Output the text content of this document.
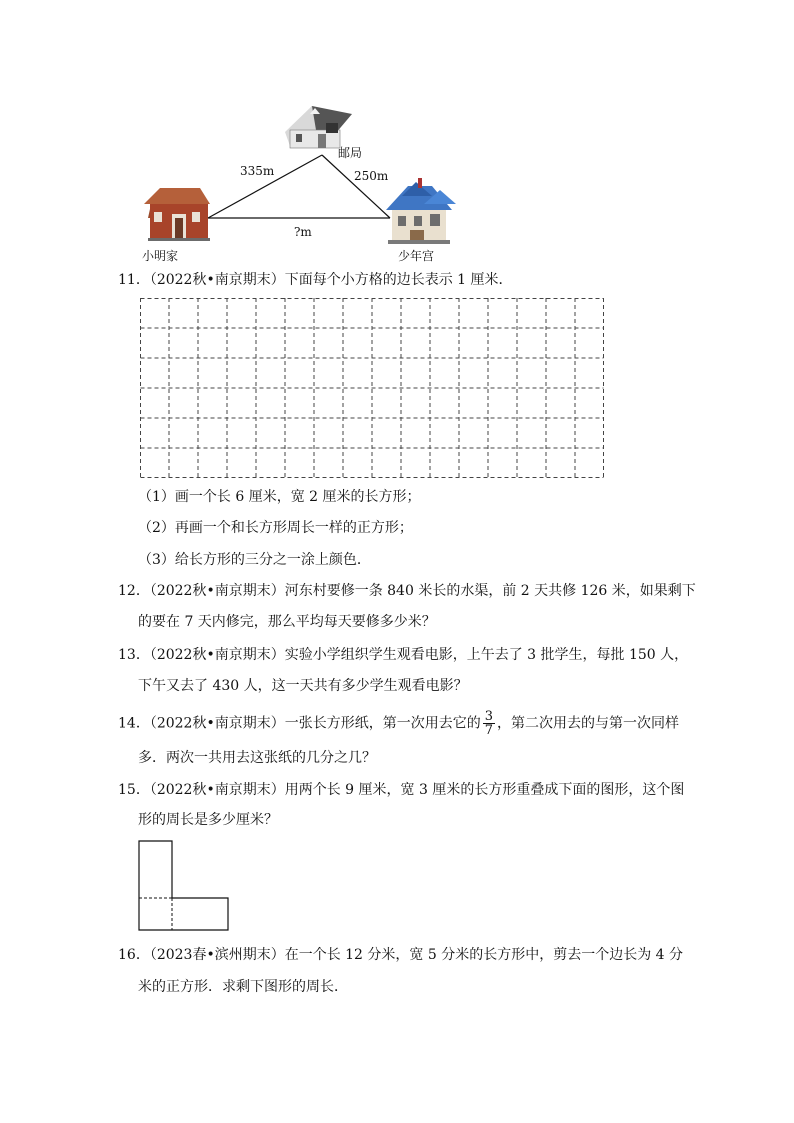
邮局
小明家	少年宫
335m	250m
?m
11．（2022秋•南京期末）下面每个小方格的边长表示 1 厘米．
（1）画一个长 6 厘米，宽 2 厘米的长方形；
（2）再画一个和长方形周长一样的正方形；
（3）给长方形的三分之一涂上颜色．
12．（2022秋•南京期末）河东村要修一条 840 米长的水渠，前 2 天共修 126 米，如果剩下
的要在 7 天内修完，那么平均每天要修多少米？
13．（2022秋•南京期末）实验小学组织学生观看电影，上午去了 3 批学生，每批 150 人，
下午又去了 430 人，这一天共有多少学生观看电影？
14．（2022秋•南京期末）一张长方形纸，第一次用去它的 $\frac{3}{7}$ ，第二次用去的与第一次同样
多．两次一共用去这张纸的几分之几？
15．（2022秋•南京期末）用两个长 9 厘米，宽 3 厘米的长方形重叠成下面的图形，这个图
形的周长是多少厘米？
16．（2023春•滨州期末）在一个长 12 分米，宽 5 分米的长方形中，剪去一个边长为 4 分
米的正方形．求剩下图形的周长．
